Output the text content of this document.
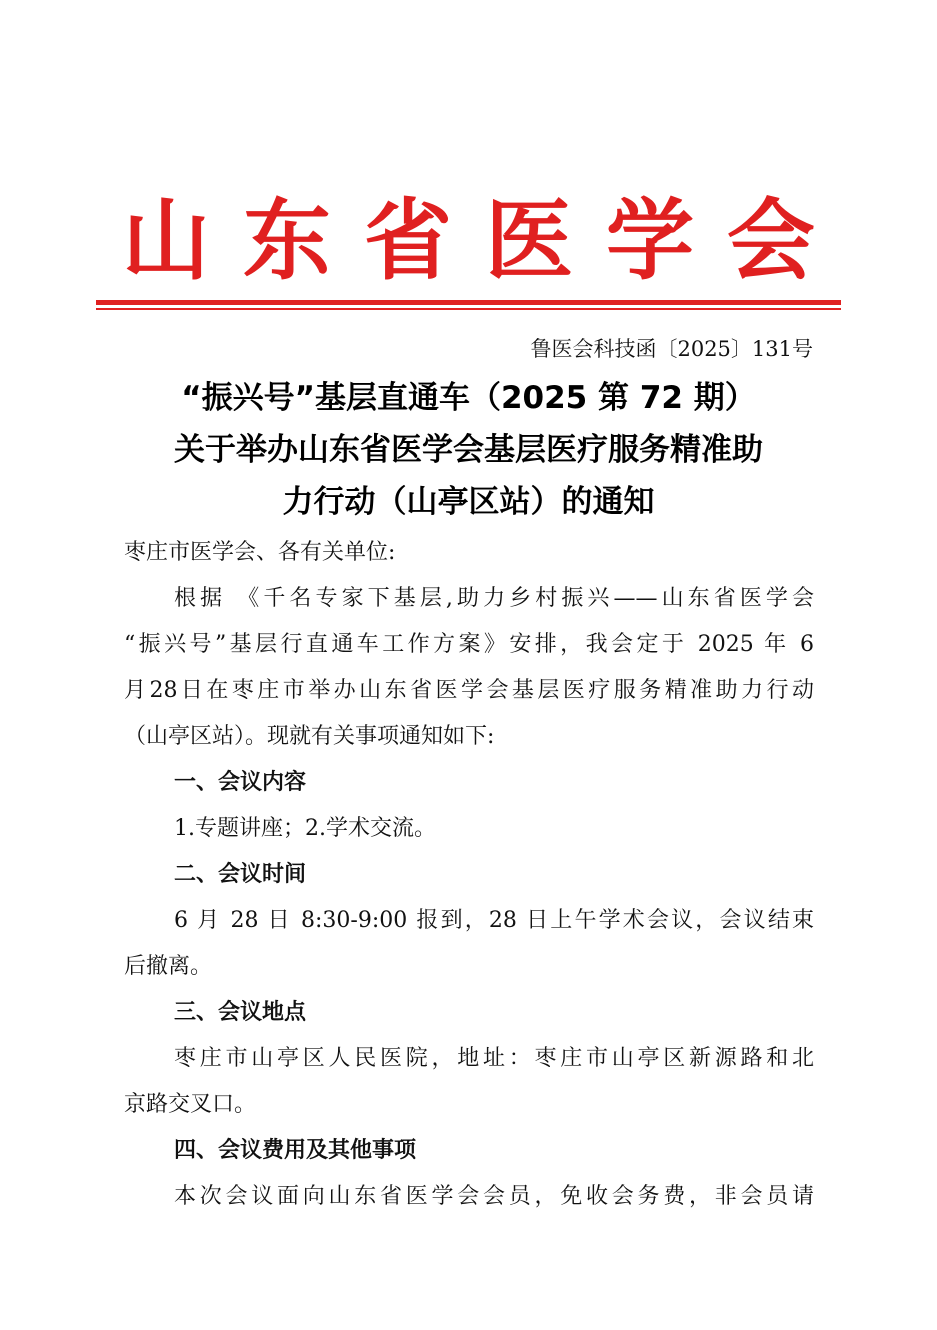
山 东 省 医 学 会
鲁医会科技函〔2025〕131号
“振兴号”基层直通车（2025 第 72 期）
关于举办山东省医学会基层医疗服务精准助
力行动（山亭区站）的通知
枣庄市医学会、各有关单位:
根据 《千名专家下基层,助力乡村振兴——山东省医学会
“振兴号”基层行直通车工作方案》安排，我会定于 2025 年 6
月28日在枣庄市举办山东省医学会基层医疗服务精准助力行动
（山亭区站）。现就有关事项通知如下:
一、会议内容
1.专题讲座；2.学术交流。
二、会议时间
6 月 28 日 8:30-9:00 报到，28 日上午学术会议，会议结束
后撤离。
三、会议地点
枣庄市山亭区人民医院，地址：枣庄市山亭区新源路和北
京路交叉口。
四、会议费用及其他事项
本次会议面向山东省医学会会员，免收会务费，非会员请
